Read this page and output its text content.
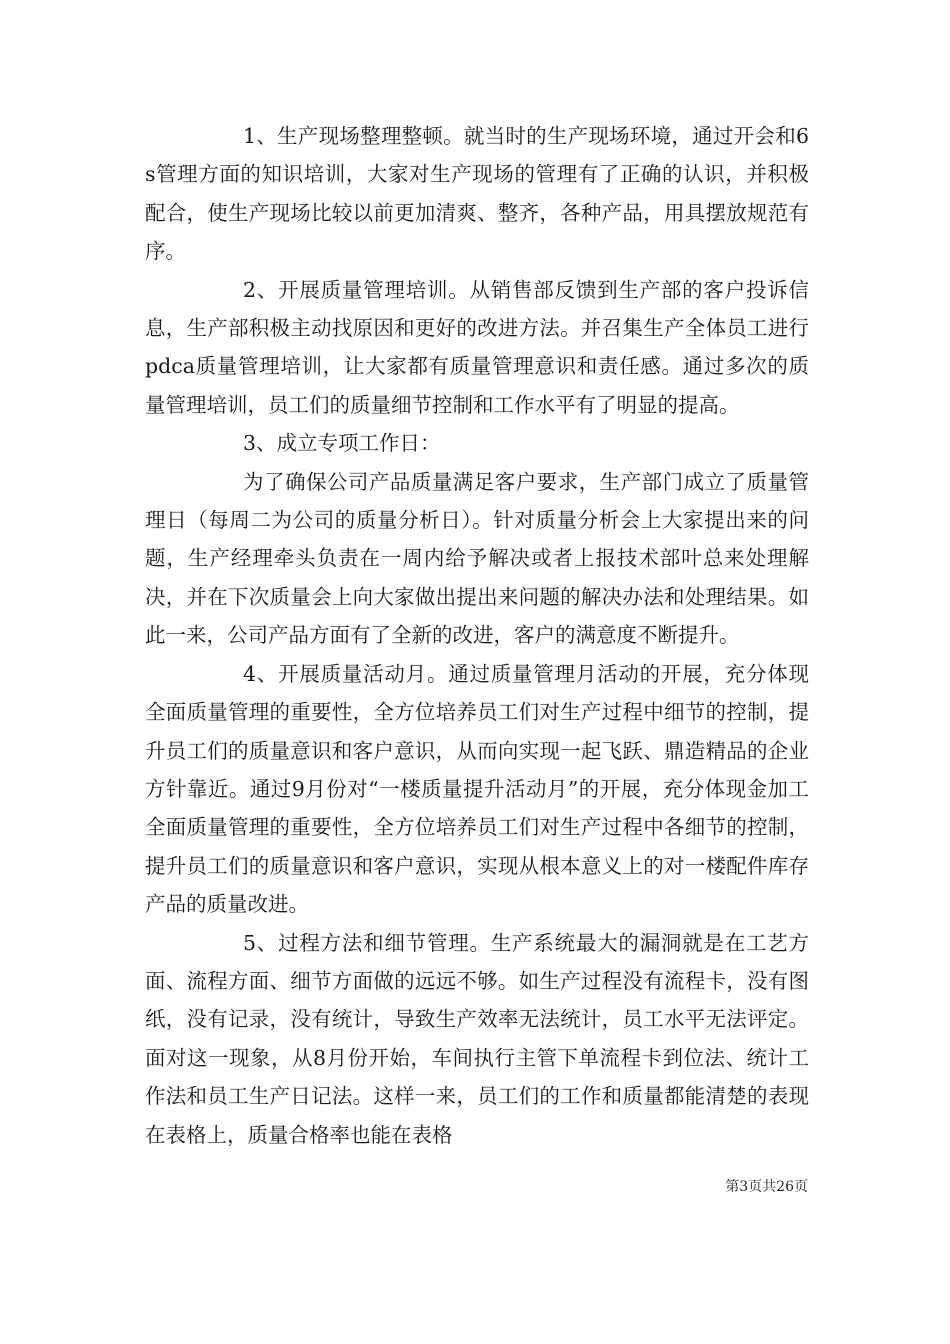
1、生产现场整理整顿。就当时的生产现场环境，通过开会和6s管理方面的知识培训，大家对生产现场的管理有了正确的认识，并积极配合，使生产现场比较以前更加清爽、整齐，各种产品，用具摆放规范有序。

2、开展质量管理培训。从销售部反馈到生产部的客户投诉信息，生产部积极主动找原因和更好的改进方法。并召集生产全体员工进行pdca质量管理培训，让大家都有质量管理意识和责任感。通过多次的质量管理培训，员工们的质量细节控制和工作水平有了明显的提高。

3、成立专项工作日：

为了确保公司产品质量满足客户要求，生产部门成立了质量管理日（每周二为公司的质量分析日）。针对质量分析会上大家提出来的问题，生产经理牵头负责在一周内给予解决或者上报技术部叶总来处理解决，并在下次质量会上向大家做出提出来问题的解决办法和处理结果。如此一来，公司产品方面有了全新的改进，客户的满意度不断提升。

4、开展质量活动月。通过质量管理月活动的开展，充分体现全面质量管理的重要性，全方位培养员工们对生产过程中细节的控制，提升员工们的质量意识和客户意识，从而向实现一起飞跃、鼎造精品的企业方针靠近。通过9月份对“一楼质量提升活动月”的开展，充分体现金加工全面质量管理的重要性，全方位培养员工们对生产过程中各细节的控制，提升员工们的质量意识和客户意识，实现从根本意义上的对一楼配件库存产品的质量改进。

5、过程方法和细节管理。生产系统最大的漏洞就是在工艺方面、流程方面、细节方面做的远远不够。如生产过程没有流程卡，没有图纸，没有记录，没有统计，导致生产效率无法统计，员工水平无法评定。面对这一现象，从8月份开始，车间执行主管下单流程卡到位法、统计工作法和员工生产日记法。这样一来，员工们的工作和质量都能清楚的表现在表格上，质量合格率也能在表格

第3页共26页
